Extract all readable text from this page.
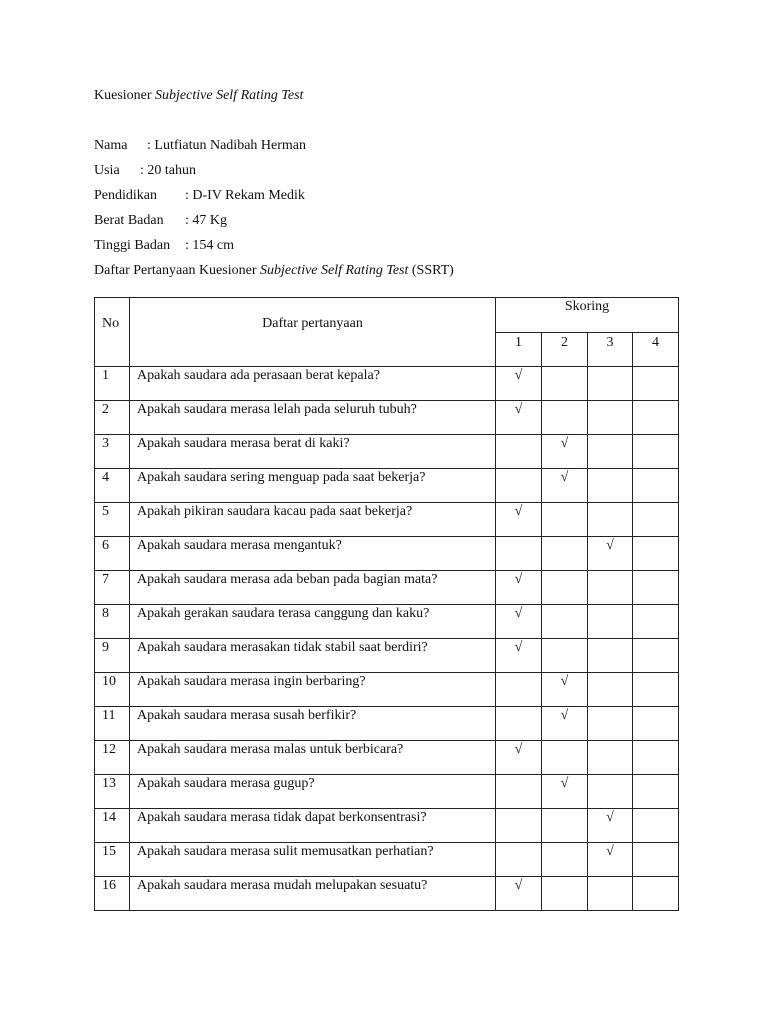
Kuesioner Subjective Self Rating Test
Nama : Lutfiatun Nadibah Herman
Usia : 20 tahun
Pendidikan : D-IV Rekam Medik
Berat Badan : 47 Kg
Tinggi Badan : 154 cm
Daftar Pertanyaan Kuesioner Subjective Self Rating Test (SSRT)
No	Daftar pertanyaan	Skoring			
		1	2	3	4

1	Apakah saudara ada perasaan berat kepala?	√			

2	Apakah saudara merasa lelah pada seluruh tubuh?	√			

3	Apakah saudara merasa berat di kaki?		√		

4	Apakah saudara sering menguap pada saat bekerja?		√		

5	Apakah pikiran saudara kacau pada saat bekerja?	√			

6	Apakah saudara merasa mengantuk?			√	

7	Apakah saudara merasa ada beban pada bagian mata?	√			

8	Apakah gerakan saudara terasa canggung dan kaku?	√			

9	Apakah saudara merasakan tidak stabil saat berdiri?	√			

10	Apakah saudara merasa ingin berbaring?		√		

11	Apakah saudara merasa susah berfikir?		√		

12	Apakah saudara merasa malas untuk berbicara?	√			

13	Apakah saudara merasa gugup?		√		

14	Apakah saudara merasa tidak dapat berkonsentrasi?			√	

15	Apakah saudara merasa sulit memusatkan perhatian?			√	

16	Apakah saudara merasa mudah melupakan sesuatu?	√			
